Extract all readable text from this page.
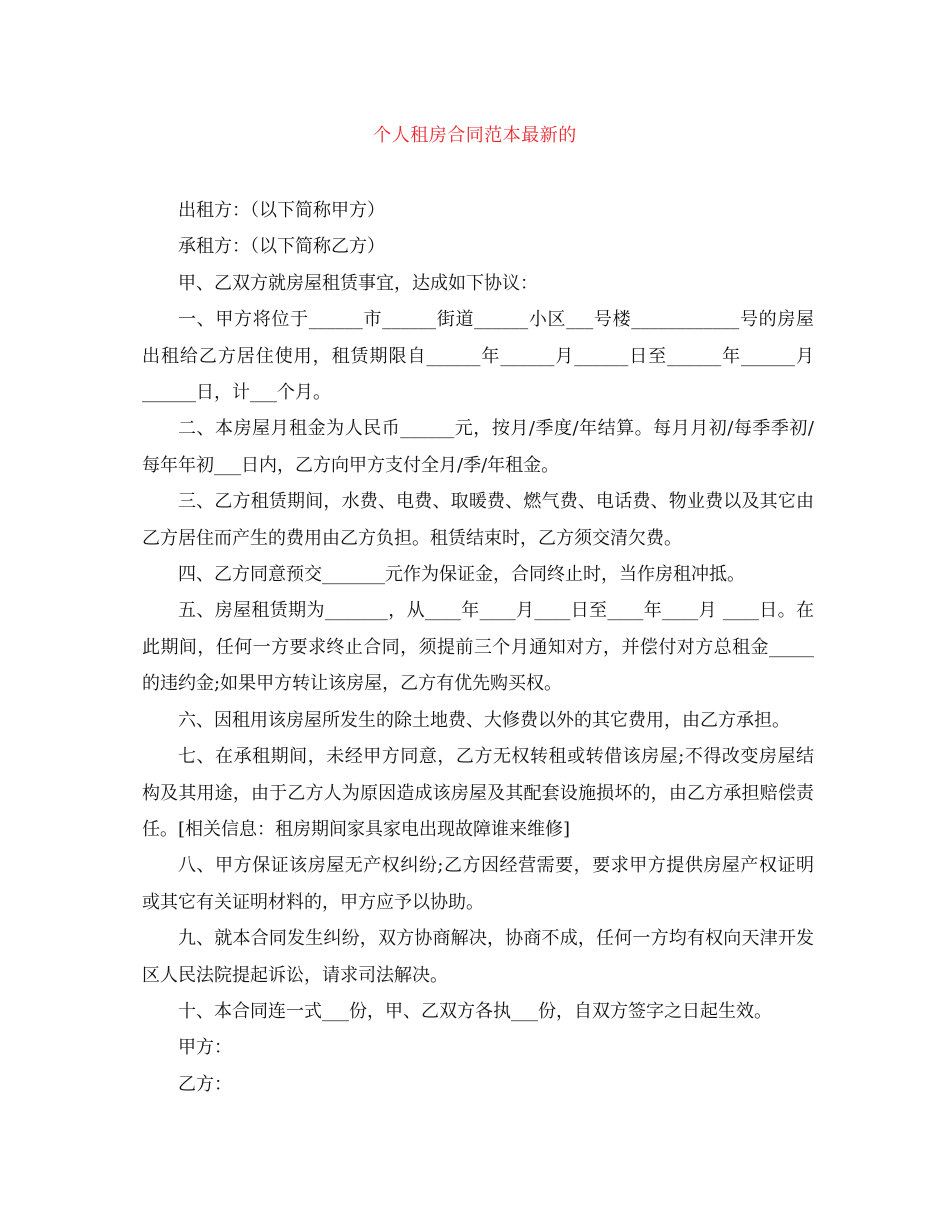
个人租房合同范本最新的

出租方：（以下简称甲方）

承租方：（以下简称乙方）

甲、乙双方就房屋租赁事宜，达成如下协议：

一、甲方将位于______市______街道______小区___号楼____________号的房屋出租给乙方居住使用，租赁期限自______年______月______日至______年______月______日，计___个月。

二、本房屋月租金为人民币______元，按月/季度/年结算。每月月初/每季季初/每年年初___日内，乙方向甲方支付全月/季/年租金。

三、乙方租赁期间，水费、电费、取暖费、燃气费、电话费、物业费以及其它由乙方居住而产生的费用由乙方负担。租赁结束时，乙方须交清欠费。

四、乙方同意预交_______元作为保证金，合同终止时，当作房租冲抵。

五、房屋租赁期为_______，从____年____月____日至____年____月 ____日。在此期间，任何一方要求终止合同，须提前三个月通知对方，并偿付对方总租金_____的违约金;如果甲方转让该房屋，乙方有优先购买权。

六、因租用该房屋所发生的除土地费、大修费以外的其它费用，由乙方承担。

七、在承租期间，未经甲方同意，乙方无权转租或转借该房屋;不得改变房屋结构及其用途，由于乙方人为原因造成该房屋及其配套设施损坏的，由乙方承担赔偿责任。[相关信息：租房期间家具家电出现故障谁来维修]

八、甲方保证该房屋无产权纠纷;乙方因经营需要，要求甲方提供房屋产权证明或其它有关证明材料的，甲方应予以协助。

九、就本合同发生纠纷，双方协商解决，协商不成，任何一方均有权向天津开发区人民法院提起诉讼，请求司法解决。

十、本合同连一式___份，甲、乙双方各执___份，自双方签字之日起生效。

甲方：

乙方：
